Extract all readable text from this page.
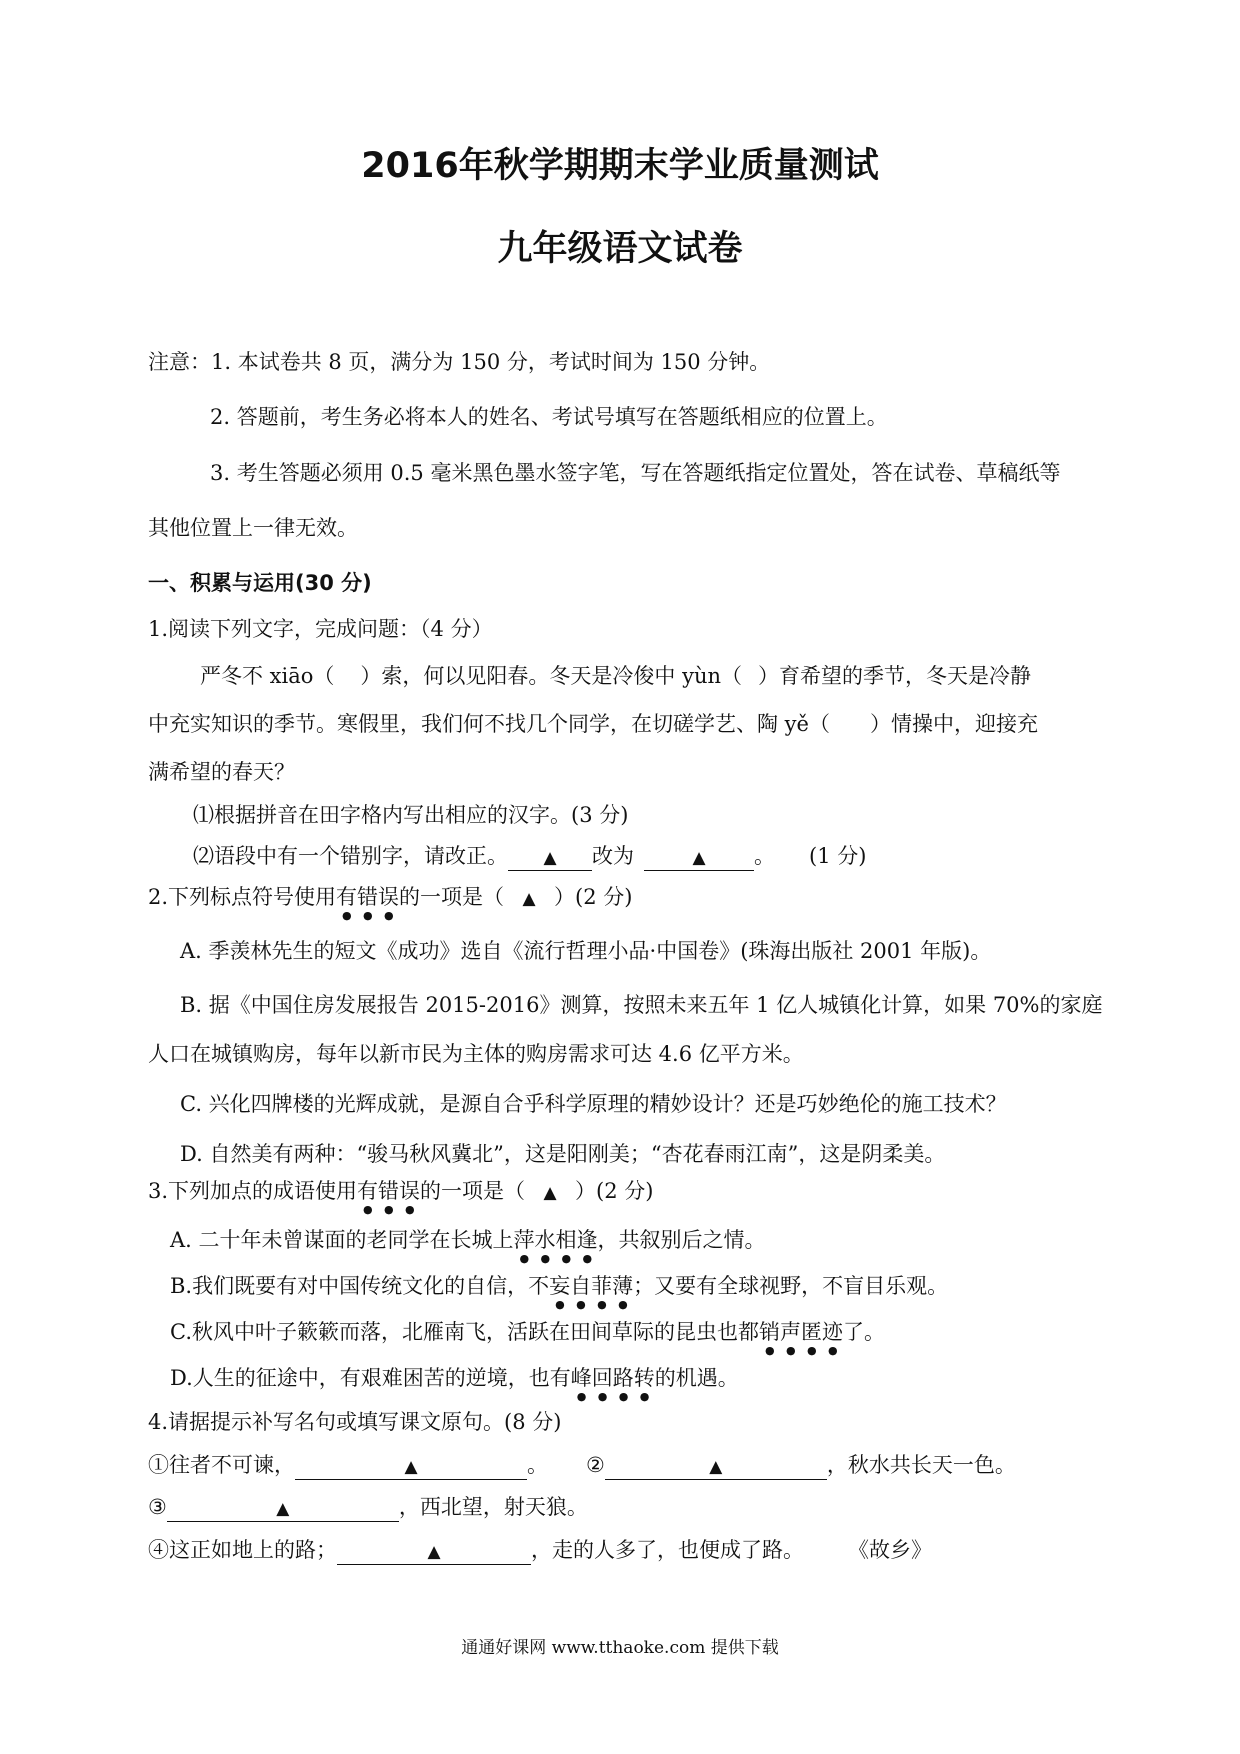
2016年秋学期期末学业质量测试
九年级语文试卷
注意：1. 本试卷共 8 页，满分为 150 分，考试时间为 150 分钟。
2. 答题前，考生务必将本人的姓名、考试号填写在答题纸相应的位置上。
3. 考生答题必须用 0.5 毫米黑色墨水签字笔，写在答题纸指定位置处，答在试卷、草稿纸等
其他位置上一律无效。
一、积累与运用(30 分)
1.阅读下列文字，完成问题：（4 分）
严冬不 xiāo（ ）索，何以见阳春。冬天是冷俊中 yùn（ ）育希望的季节，冬天是冷静
中充实知识的季节。寒假里，我们何不找几个同学，在切磋学艺、陶 yě（ ）情操中，迎接充
满希望的春天？
⑴根据拼音在田字格内写出相应的汉字。(3 分)
⑵语段中有一个错别字，请改正。 ▲ 改为	▲ 。 (1 分)
2.下列标点符号使用有错误的一项是（ ▲ ）(2 分)
A. 季羡林先生的短文《成功》选自《流行哲理小品·中国卷》(珠海出版社 2001 年版)。
B. 据《中国住房发展报告 2015-2016》测算，按照未来五年 1 亿人城镇化计算，如果 70%的家庭
人口在城镇购房，每年以新市民为主体的购房需求可达 4.6 亿平方米。
C. 兴化四牌楼的光辉成就，是源自合乎科学原理的精妙设计？还是巧妙绝伦的施工技术？
D. 自然美有两种：“骏马秋风冀北”，这是阳刚美；“杏花春雨江南”，这是阴柔美。
3.下列加点的成语使用有错误的一项是（ ▲ ）(2 分)
A. 二十年未曾谋面的老同学在长城上萍水相逢，共叙别后之情。
B.我们既要有对中国传统文化的自信，不妄自菲薄；又要有全球视野，不盲目乐观。
C.秋风中叶子簌簌而落，北雁南飞，活跃在田间草际的昆虫也都销声匿迹了。
D.人生的征途中，有艰难困苦的逆境，也有峰回路转的机遇。
4.请据提示补写名句或填写课文原句。(8 分)
①往者不可谏，	▲	。 ②	▲	，秋水共长天一色。
③	▲	，西北望，射天狼。
④这正如地上的路；	▲	，走的人多了，也便成了路。 《故乡》
通通好课网 www.tthaoke.com 提供下载
